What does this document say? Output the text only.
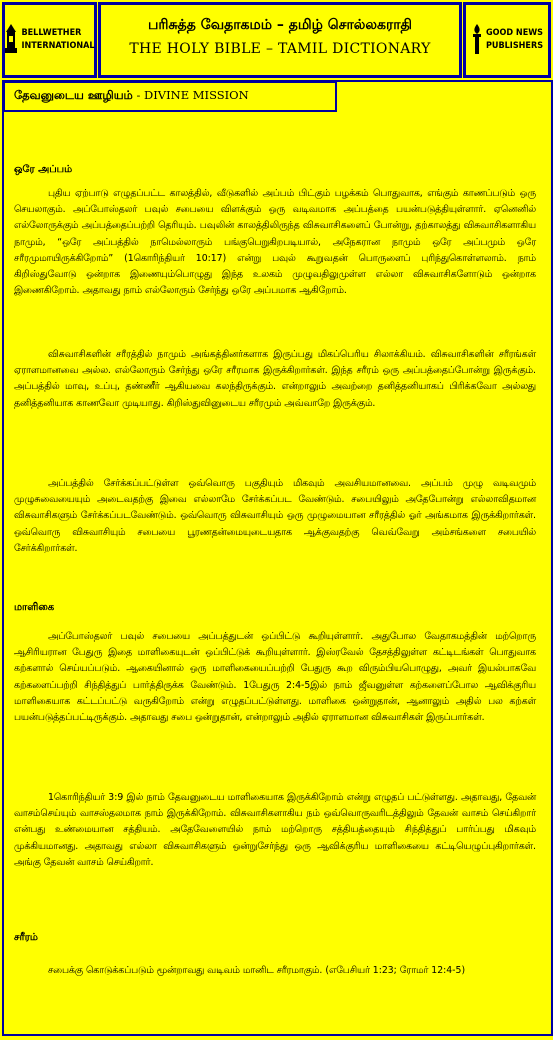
BELLWETHER
INTERNATIONAL
பரிசுத்த வேதாகமம் – தமிழ் சொல்லகராதி
THE HOLY BIBLE – TAMIL DICTIONARY
GOOD NEWS
PUBLISHERS
தேவனுடைய ஊழியம் - DIVINE MISSION
ஒரே அப்பம்

புதிய ஏற்பாடு எழுதப்பட்ட காலத்தில், வீடுகளில் அப்பம் பிட்கும் பழக்கம் பொதுவாக, எங்கும் காணப்படும் ஒரு செயலாகும். அப்போஸ்தலர் பவுல் சபையை விளக்கும் ஒரு வடிவமாக அப்பத்தை பயன்படுத்தியுள்ளார். ஏனெனில் எல்லோருக்கும் அப்பத்தைப்பற்றி தெரியும். பவுலின் காலத்திலிருந்த விசுவாசிகளைப் போன்று, தற்காலத்து விசுவாசிகளாகிய நாமும், “ஒரே அப்பத்தில் நாமெல்லாரும் பங்குபெறுகிறபடியால், அநேகரான நாமும் ஒரே அப்பமும் ஒரே சரீரமுமாயிருக்கிறோம்” (1கொரிந்தியர் 10:17) என்று பவுல் கூறுவதன் பொருளைப் புரிந்துகொள்ளலாம். நாம் கிறிஸ்துவோடு ஒன்றாக இணையும்பொழுது இந்த உலகம் முழுவதிலுமுள்ள எல்லா விசுவாசிகளோடும் ஒன்றாக இணைகிறோம். அதாவது நாம் எல்லோரும் சேர்ந்து ஒரே அப்பமாக ஆகிறோம்.

விசுவாசிகளின் சரீரத்தில் நாமும் அங்கத்தினர்களாக இருப்பது மிகப்பெரிய சிலாக்கியம். விசுவாசிகளின் சரீரங்கள் ஏராளமானவை அல்ல. எல்லோரும் சேர்ந்து ஒரே சரீரமாக இருக்கிறார்கள். இந்த சரீரம் ஒரு அப்பத்தைப்போன்று இருக்கும். அப்பத்தில் மாவு, உப்பு, தண்ணீர் ஆகியவை கலந்திருக்கும். என்றாலும் அவற்றை தனித்தனியாகப் பிரிக்கவோ அல்லது தனித்தனியாக காணவோ முடியாது. கிறிஸ்துவினுடைய சரீரமும் அவ்வாறே இருக்கும்.

அப்பத்தில் சேர்க்கப்பட்டுள்ள ஒவ்வொரு பகுதியும் மிகவும் அவசியமானவை. அப்பம் முழு வடிவமும் முழுசுவையையும் அடைவதற்கு இவை எல்லாமே சேர்க்கப்பட வேண்டும். சபையிலும் அதேபோன்று எல்லாவிதமான விசுவாசிகளும் சேர்க்கப்படவேண்டும். ஒவ்வொரு விசுவாசியும் ஒரு முழுமையான சரீரத்தில் ஓர் அங்கமாக இருக்கிறார்கள். ஒவ்வொரு விசுவாசியும் சபையை பூரணதன்மையுடையதாக ஆக்குவதற்கு வெவ்வேறு அம்சங்களை சபையில் சேர்க்கிறார்கள்.

மாளிகை

அப்போஸ்தலர் பவுல் சபையை அப்பத்துடன் ஒப்பிட்டு கூறியுள்ளார். அதுபோல வேதாகமத்தின் மற்றொரு ஆசிரியரான பேதுரு இதை மாளிகையுடன் ஒப்பிட்டுக் கூறியுள்ளார். இஸ்ரவேல் தேசத்திலுள்ள கட்டிடங்கள் பொதுவாக கற்களால் செய்யப்படும். ஆகையினால் ஒரு மாளிகையைப்பற்றி பேதுரு கூற விரும்பியபொழுது, அவர் இயல்பாகவே கற்களைப்பற்றி சிந்தித்துப் பார்த்திருக்க வேண்டும். 1பேதுரு 2:4-5இல் நாம் ஜீவனுள்ள கற்களைப்போல ஆவிக்குரிய மாளிகையாக கட்டப்பட்டு வருகிறோம் என்று எழுதப்பட்டுள்ளது. மாளிகை ஒன்றுதான், ஆனாலும் அதில் பல கற்கள் பயன்படுத்தப்பட்டிருக்கும். அதாவது சபை ஒன்றுதான், என்றாலும் அதில் ஏராளமான விசுவாசிகள் இருப்பார்கள்.

1கொரிந்தியர் 3:9 இல் நாம் தேவனுடைய மாளிகையாக இருக்கிறோம் என்று எழுதப் பட்டுள்ளது. அதாவது, தேவன் வாசம்செய்யும் வாசஸ்தலமாக நாம் இருக்கிறோம். விசுவாசிகளாகிய நம் ஒவ்வொருவரிடத்திலும் தேவன் வாசம் செய்கிறார் என்பது உண்மையான சத்தியம். அதேவேளையில் நாம் மற்றொரு சத்தியத்தையும் சிந்தித்துப் பார்ப்பது மிகவும் முக்கியமானது. அதாவது எல்லா விசுவாசிகளும் ஒன்றுசேர்ந்து ஒரு ஆவிக்குரிய மாளிகையை கட்டியெழுப்புகிறார்கள். அங்கு தேவன் வாசம் செய்கிறார்.

சரீரம்

சபைக்கு கொடுக்கப்படும் மூன்றாவது வடிவம் மானிட சரீரமாகும். (எபேசியர் 1:23; ரோமர் 12:4-5)
